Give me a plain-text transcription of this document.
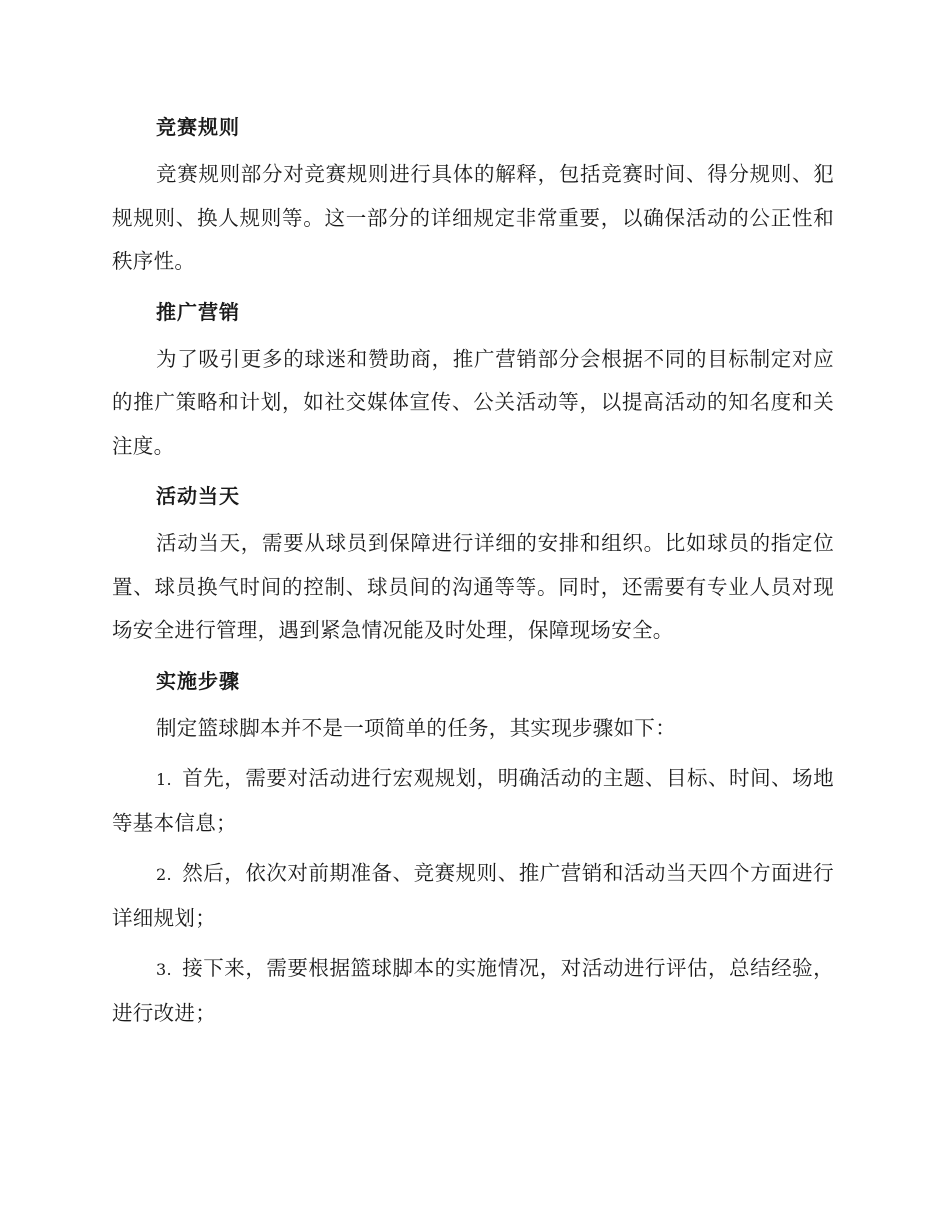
竞赛规则

竞赛规则部分对竞赛规则进行具体的解释，包括竞赛时间、得分规则、犯规规则、换人规则等。这一部分的详细规定非常重要，以确保活动的公正性和秩序性。

推广营销

为了吸引更多的球迷和赞助商，推广营销部分会根据不同的目标制定对应的推广策略和计划，如社交媒体宣传、公关活动等，以提高活动的知名度和关注度。

活动当天

活动当天，需要从球员到保障进行详细的安排和组织。比如球员的指定位置、球员换气时间的控制、球员间的沟通等等。同时，还需要有专业人员对现场安全进行管理，遇到紧急情况能及时处理，保障现场安全。

实施步骤

制定篮球脚本并不是一项简单的任务，其实现步骤如下：

1. 首先，需要对活动进行宏观规划，明确活动的主题、目标、时间、场地等基本信息；
2. 然后，依次对前期准备、竞赛规则、推广营销和活动当天四个方面进行详细规划；
3. 接下来，需要根据篮球脚本的实施情况，对活动进行评估，总结经验，进行改进；
